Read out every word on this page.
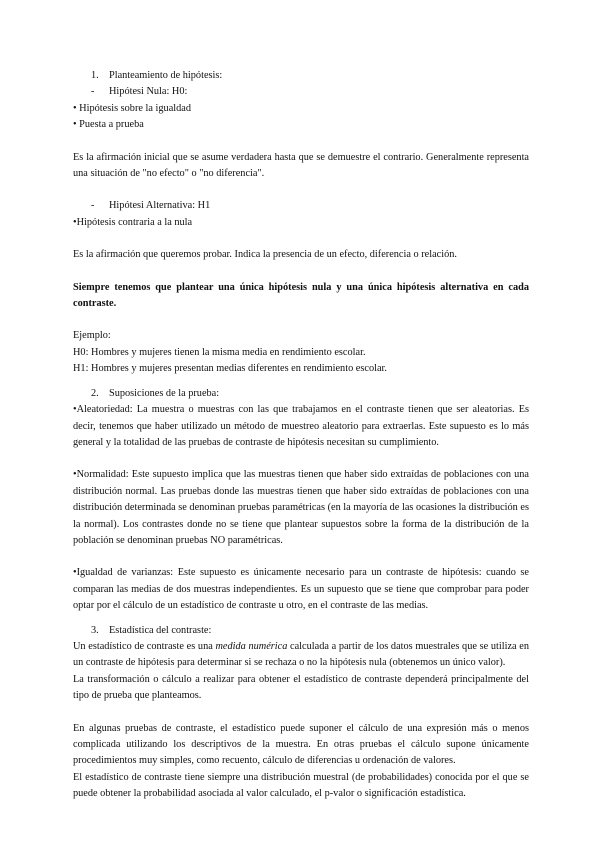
1. Planteamiento de hipótesis:

- Hipótesi Nula: H0:

• Hipótesis sobre la igualdad

• Puesta a prueba

Es la afirmación inicial que se asume verdadera hasta que se demuestre el contrario. Generalmente representa una situación de "no efecto" o "no diferencia".

- Hipótesi Alternativa: H1

•Hipótesis contraria a la nula

Es la afirmación que queremos probar. Indica la presencia de un efecto, diferencia o relación.

Siempre tenemos que plantear una única hipótesis nula y una única hipótesis alternativa en cada contraste.

Ejemplo:

H0: Hombres y mujeres tienen la misma media en rendimiento escolar.

H1: Hombres y mujeres presentan medias diferentes en rendimiento escolar.

2. Suposiciones de la prueba:

•Aleatoriedad: La muestra o muestras con las que trabajamos en el contraste tienen que ser aleatorias. Es decir, tenemos que haber utilizado un método de muestreo aleatorio para extraerlas. Este supuesto es lo más general y la totalidad de las pruebas de contraste de hipótesis necesitan su cumplimiento.

•Normalidad: Este supuesto implica que las muestras tienen que haber sido extraídas de poblaciones con una distribución normal. Las pruebas donde las muestras tienen que haber sido extraídas de poblaciones con una distribución determinada se denominan pruebas paramétricas (en la mayoría de las ocasiones la distribución es la normal). Los contrastes donde no se tiene que plantear supuestos sobre la forma de la distribución de la población se denominan pruebas NO paramétricas.

•Igualdad de varianzas: Este supuesto es únicamente necesario para un contraste de hipótesis: cuando se comparan las medias de dos muestras independientes. Es un supuesto que se tiene que comprobar para poder optar por el cálculo de un estadístico de contraste u otro, en el contraste de las medias.

3. Estadística del contraste:

Un estadístico de contraste es una medida numérica calculada a partir de los datos muestrales que se utiliza en un contraste de hipótesis para determinar si se rechaza o no la hipótesis nula (obtenemos un único valor).

La transformación o cálculo a realizar para obtener el estadístico de contraste dependerá principalmente del tipo de prueba que planteamos.

En algunas pruebas de contraste, el estadístico puede suponer el cálculo de una expresión más o menos complicada utilizando los descriptivos de la muestra. En otras pruebas el cálculo supone únicamente procedimientos muy simples, como recuento, cálculo de diferencias u ordenación de valores.

El estadístico de contraste tiene siempre una distribución muestral (de probabilidades) conocida por el que se puede obtener la probabilidad asociada al valor calculado, el p-valor o significación estadística.
